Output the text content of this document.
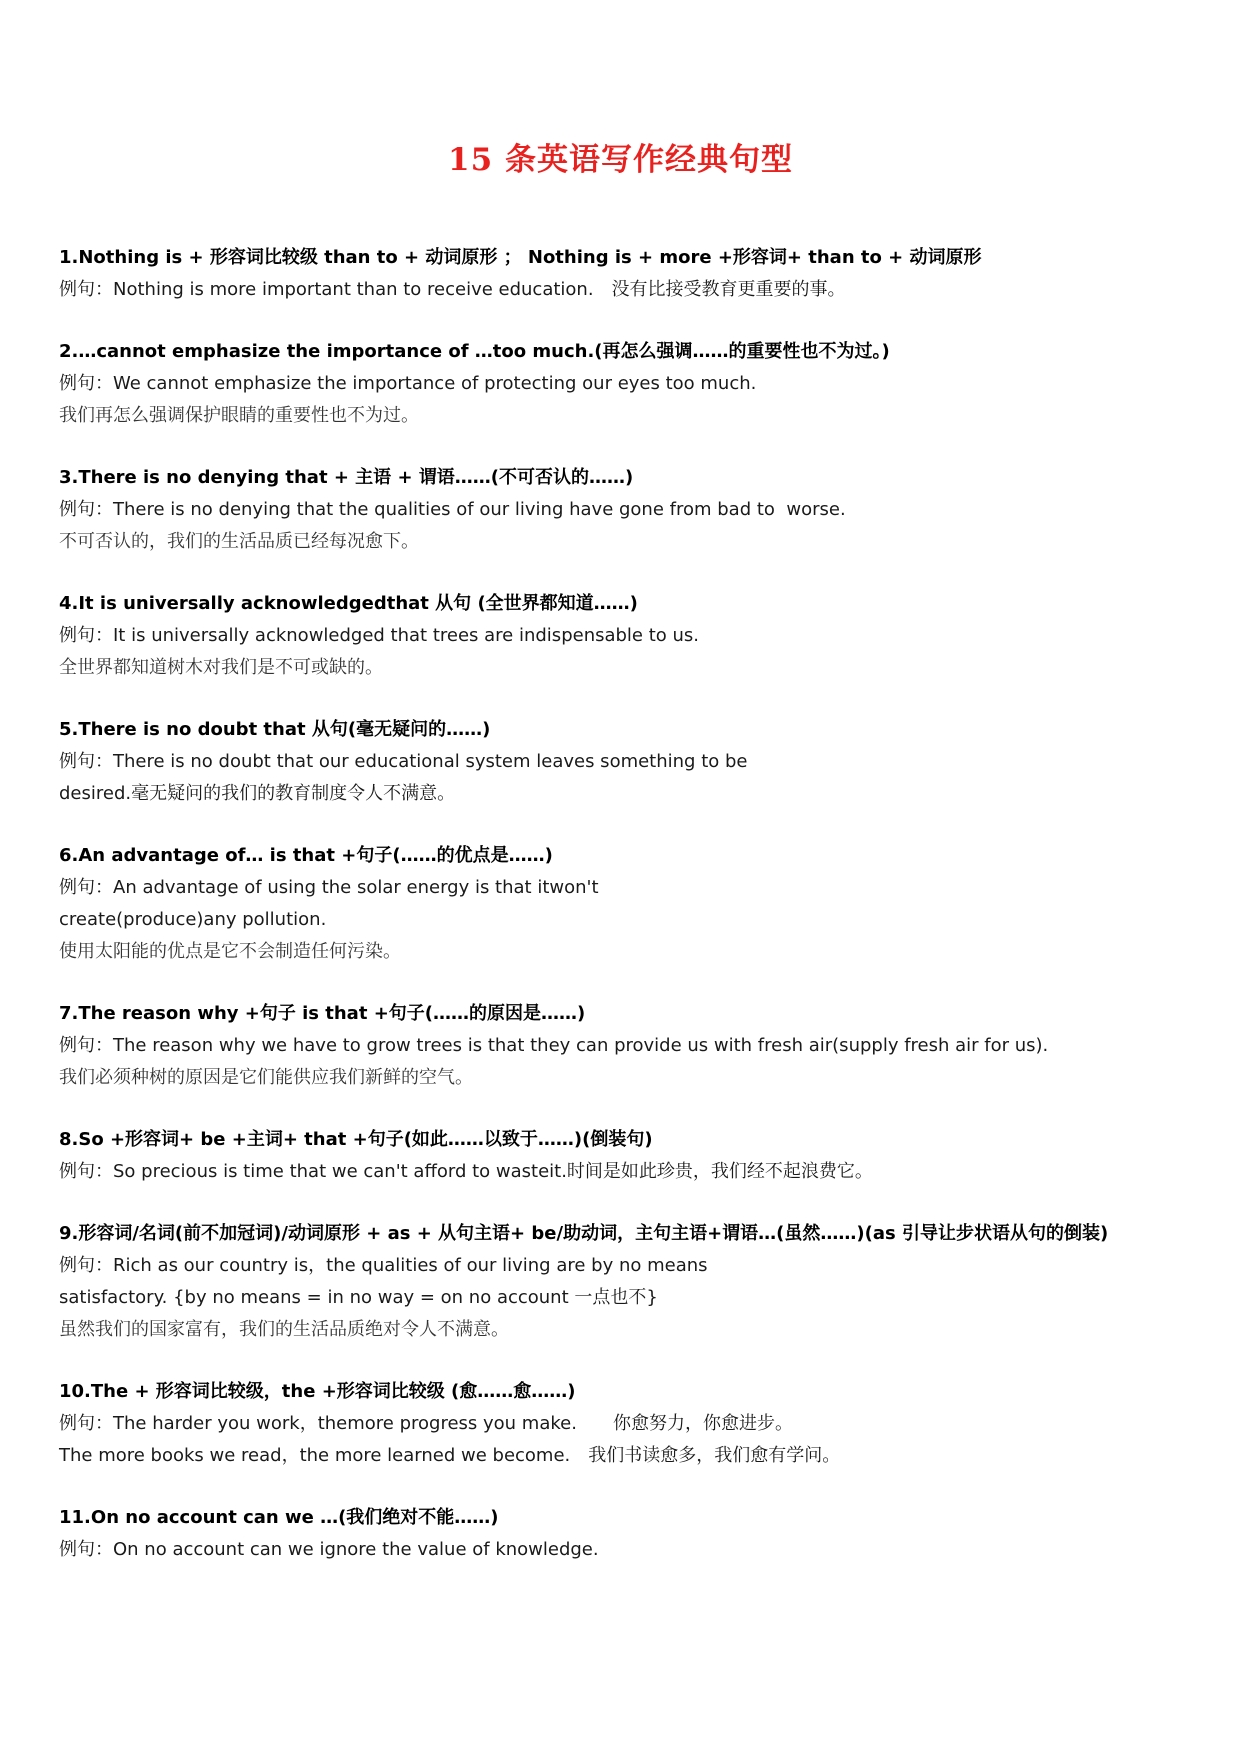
15 条英语写作经典句型

1.Nothing is + 形容词比较级 than to + 动词原形 ； Nothing is + more +形容词+ than to + 动词原形

例句：Nothing is more important than to receive education.　没有比接受教育更重要的事。

2.…cannot emphasize the importance of …too much.(再怎么强调……的重要性也不为过。)

例句：We cannot emphasize the importance of protecting our eyes too much.

我们再怎么强调保护眼睛的重要性也不为过。

3.There is no denying that + 主语 + 谓语……(不可否认的……)

例句：There is no denying that the qualities of our living have gone from bad to  worse.

不可否认的，我们的生活品质已经每况愈下。

4.It is universally acknowledgedthat 从句 (全世界都知道……)

例句：It is universally acknowledged that trees are indispensable to us.

全世界都知道树木对我们是不可或缺的。

5.There is no doubt that 从句(毫无疑问的……)

例句：There is no doubt that our educational system leaves something to be

desired.毫无疑问的我们的教育制度令人不满意。

6.An advantage of… is that +句子(……的优点是……)

例句：An advantage of using the solar energy is that itwon't

create(produce)any pollution.

使用太阳能的优点是它不会制造任何污染。

7.The reason why +句子 is that +句子(……的原因是……)

例句：The reason why we have to grow trees is that they can provide us with fresh air(supply fresh air for us).

我们必须种树的原因是它们能供应我们新鲜的空气。

8.So +形容词+ be +主词+ that +句子(如此……以致于……)(倒装句)

例句：So precious is time that we can't afford to wasteit.时间是如此珍贵，我们经不起浪费它。

9.形容词/名词(前不加冠词)/动词原形 + as + 从句主语+ be/助动词，主句主语+谓语…(虽然……)(as 引导让步状语从句的倒装)

例句：Rich as our country is，the qualities of our living are by no means

satisfactory. {by no means = in no way = on no account 一点也不}

虽然我们的国家富有，我们的生活品质绝对令人不满意。

10.The + 形容词比较级，the +形容词比较级 (愈……愈……)

例句：The harder you work，themore progress you make.　　你愈努力，你愈进步。

The more books we read，the more learned we become.　我们书读愈多，我们愈有学问。

11.On no account can we …(我们绝对不能……)

例句：On no account can we ignore the value of knowledge.
